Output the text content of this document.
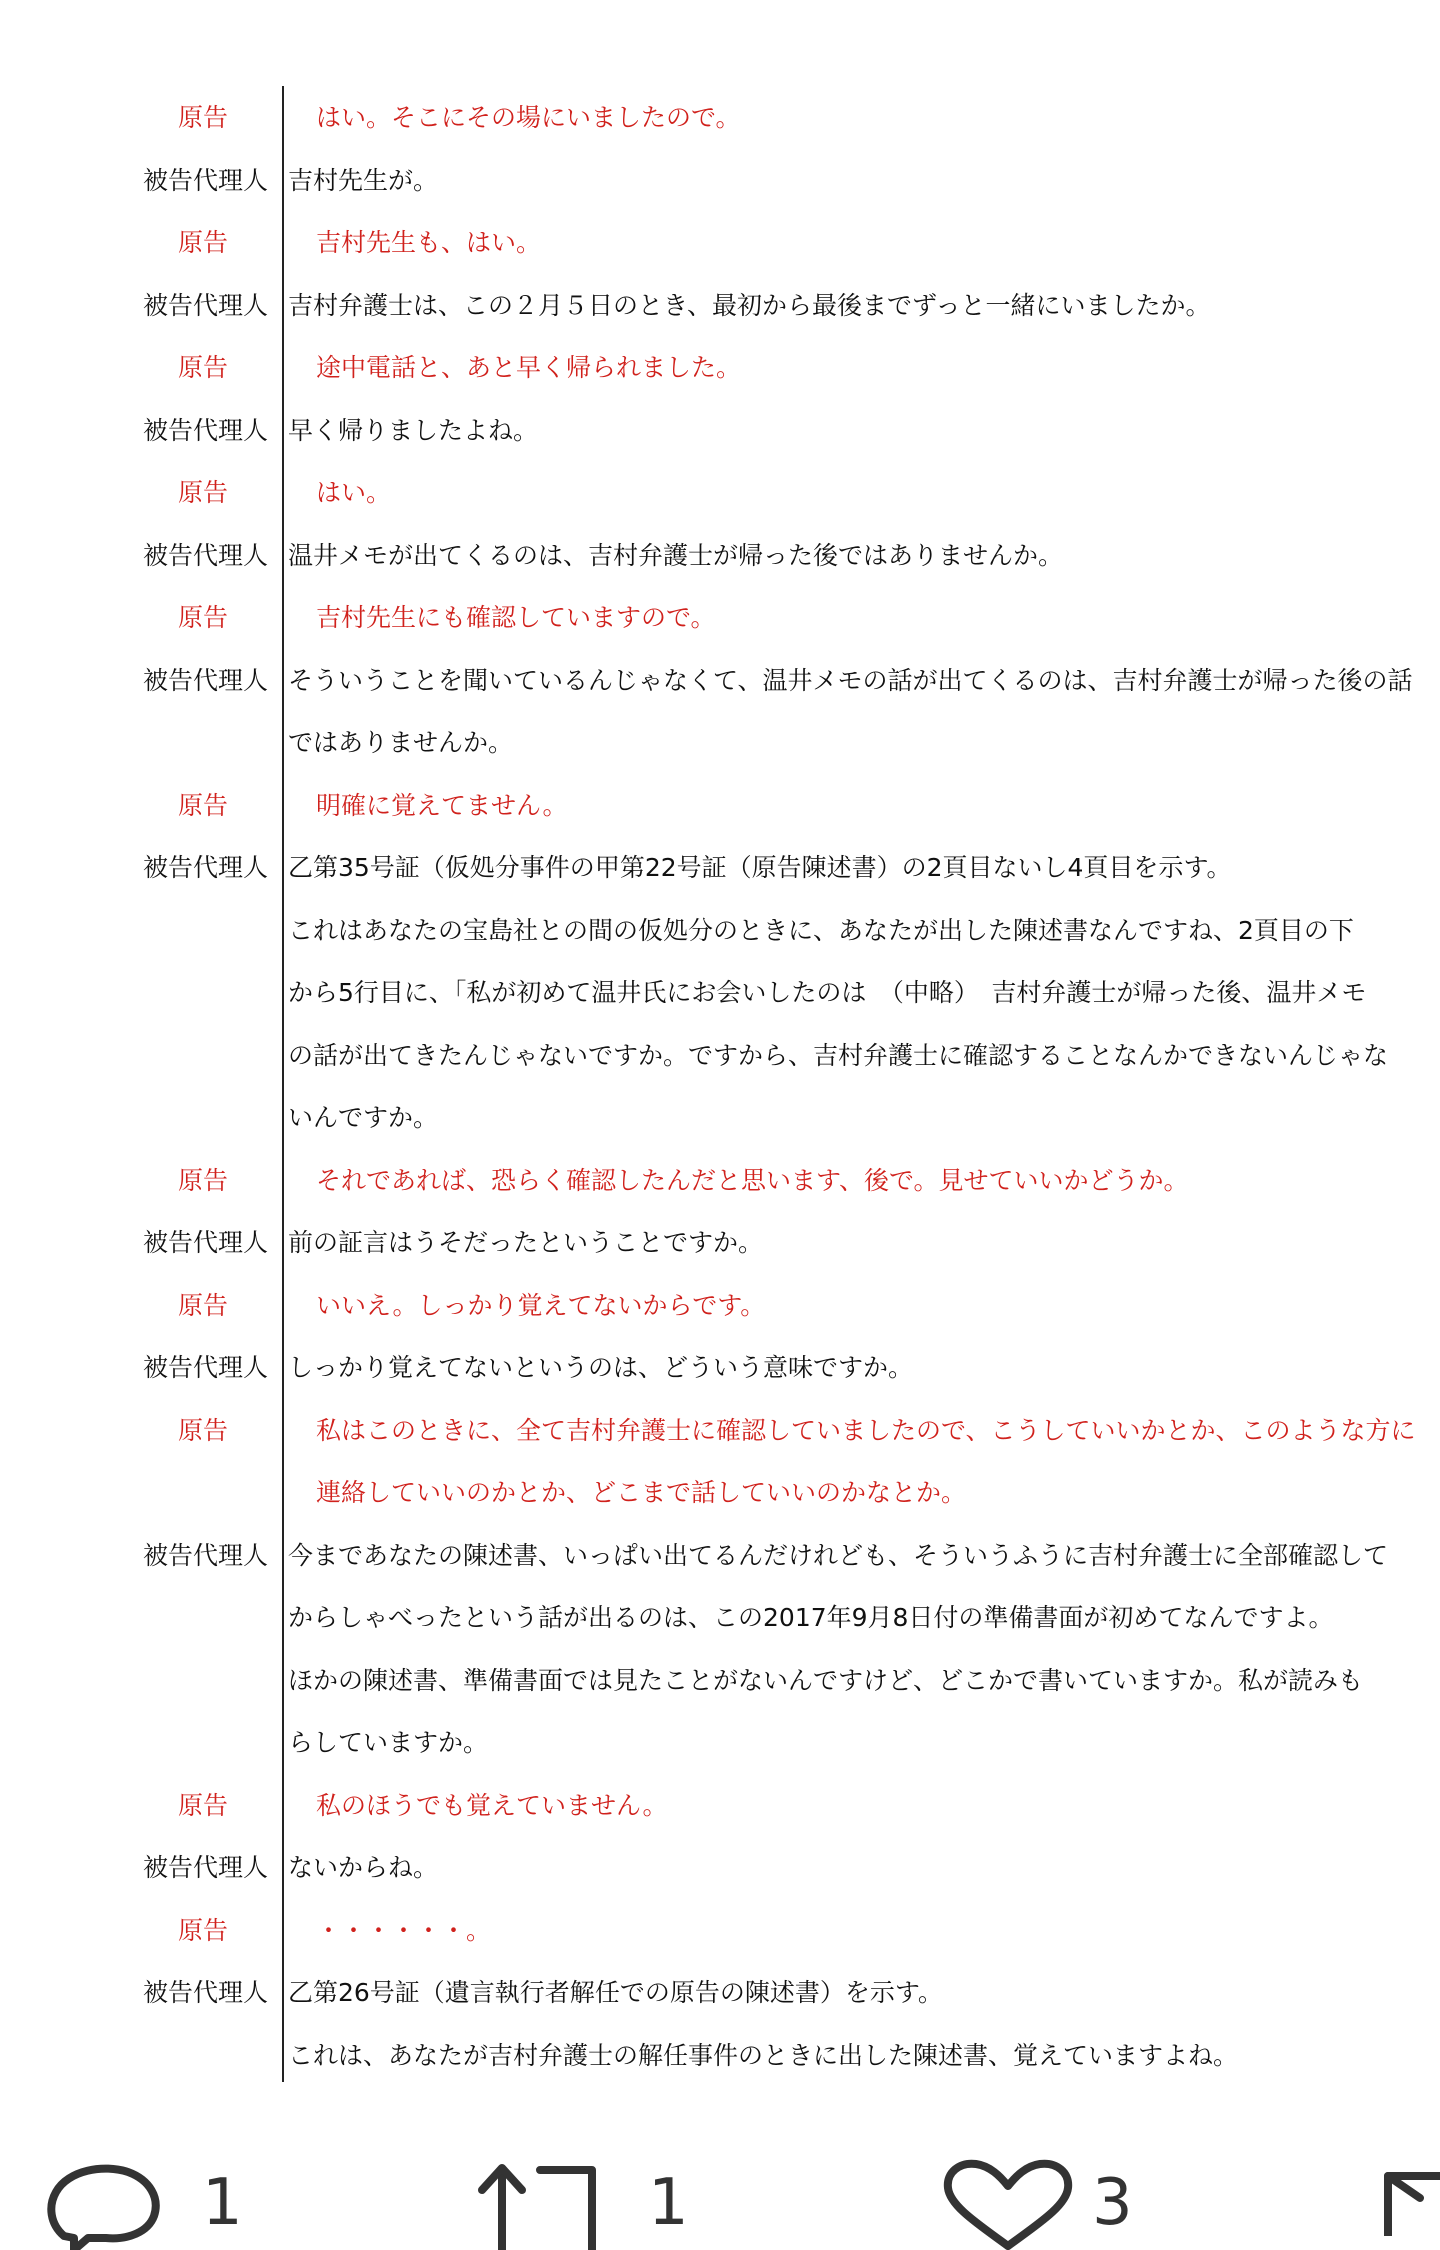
原告	はい。そこにその場にいましたので。
被告代理人 吉村先生が。
原告	吉村先生も、はい。
被告代理人 吉村弁護士は、この２月５日のとき、最初から最後までずっと一緒にいましたか。
原告	途中電話と、あと早く帰られました。
被告代理人 早く帰りましたよね。
原告	はい。
被告代理人 温井メモが出てくるのは、吉村弁護士が帰った後ではありませんか。
原告	吉村先生にも確認していますので。
被告代理人 そういうことを聞いているんじゃなくて、温井メモの話が出てくるのは、吉村弁護士が帰った後の話
ではありませんか。
原告	明確に覚えてません。
被告代理人 乙第35号証（仮処分事件の甲第22号証（原告陳述書）の2頁目ないし4頁目を示す。
これはあなたの宝島社との間の仮処分のときに、あなたが出した陳述書なんですね、2頁目の下
から5行目に、「私が初めて温井氏にお会いしたのは　（中略）　吉村弁護士が帰った後、温井メモ
の話が出てきたんじゃないですか。ですから、吉村弁護士に確認することなんかできないんじゃな
いんですか。
原告	それであれば、恐らく確認したんだと思います、後で。見せていいかどうか。
被告代理人 前の証言はうそだったということですか。
原告	いいえ。しっかり覚えてないからです。
被告代理人 しっかり覚えてないというのは、どういう意味ですか。
原告	私はこのときに、全て吉村弁護士に確認していましたので、こうしていいかとか、このような方に
連絡していいのかとか、どこまで話していいのかなとか。
被告代理人 今まであなたの陳述書、いっぱい出てるんだけれども、そういうふうに吉村弁護士に全部確認して
からしゃべったという話が出るのは、この2017年9月8日付の準備書面が初めてなんですよ。
ほかの陳述書、準備書面では見たことがないんですけど、どこかで書いていますか。私が読みも
らしていますか。
原告	私のほうでも覚えていません。
被告代理人 ないからね。
原告	・・・・・・。
被告代理人 乙第26号証（遺言執行者解任での原告の陳述書）を示す。
これは、あなたが吉村弁護士の解任事件のときに出した陳述書、覚えていますよね。
1	1	3
